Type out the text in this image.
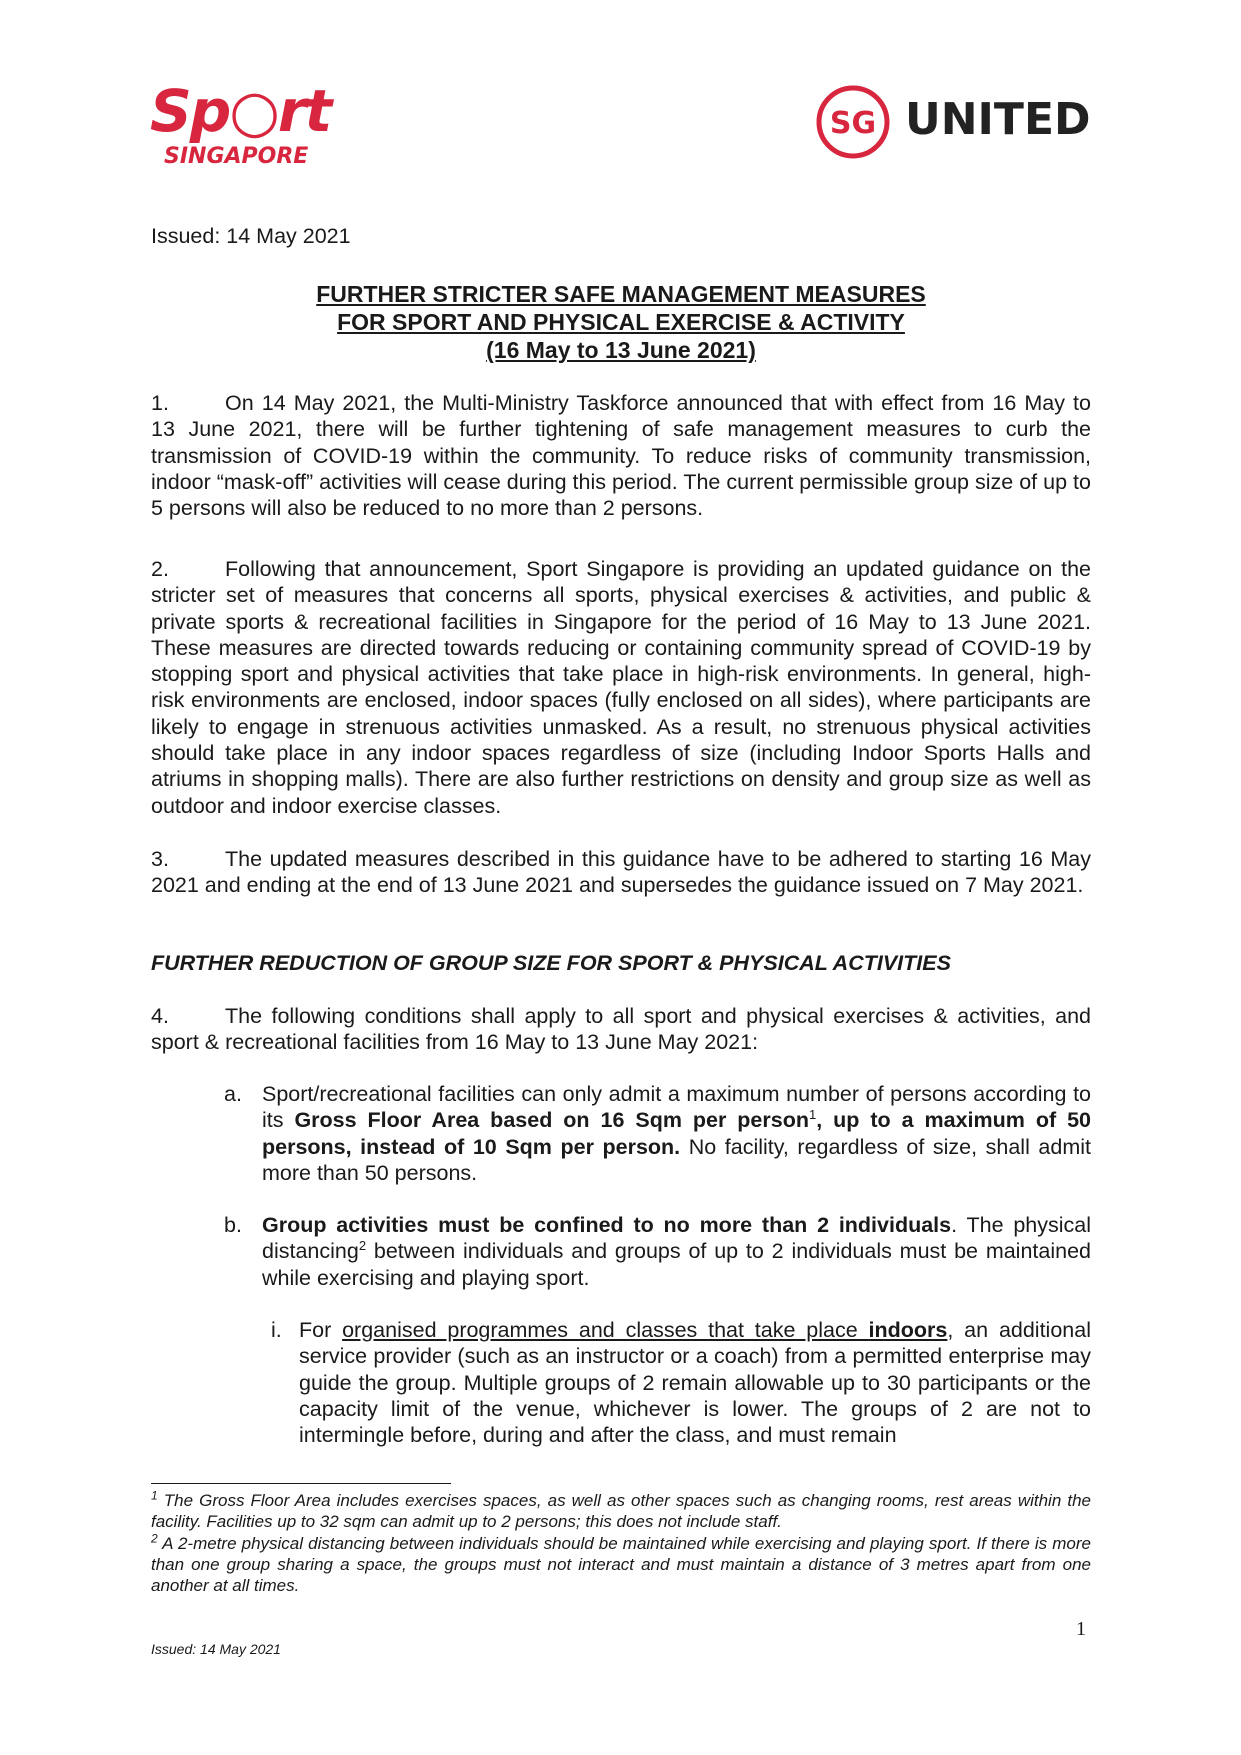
Sp○rt
SINGAPORE
SG UNITED
Issued: 14 May 2021
FURTHER STRICTER SAFE MANAGEMENT MEASURES
FOR SPORT AND PHYSICAL EXERCISE & ACTIVITY
(16 May to 13 June 2021)
1.	On 14 May 2021, the Multi-Ministry Taskforce announced that with effect from 16 May to 13 June 2021, there will be further tightening of safe management measures to curb the transmission of COVID-19 within the community. To reduce risks of community transmission, indoor “mask-off” activities will cease during this period. The current permissible group size of up to 5 persons will also be reduced to no more than 2 persons.
2.	Following that announcement, Sport Singapore is providing an updated guidance on the stricter set of measures that concerns all sports, physical exercises & activities, and public & private sports & recreational facilities in Singapore for the period of 16 May to 13 June 2021. These measures are directed towards reducing or containing community spread of COVID-19 by stopping sport and physical activities that take place in high-risk environments. In general, high-risk environments are enclosed, indoor spaces (fully enclosed on all sides), where participants are likely to engage in strenuous activities unmasked. As a result, no strenuous physical activities should take place in any indoor spaces regardless of size (including Indoor Sports Halls and atriums in shopping malls). There are also further restrictions on density and group size as well as outdoor and indoor exercise classes.
3.	The updated measures described in this guidance have to be adhered to starting 16 May 2021 and ending at the end of 13 June 2021 and supersedes the guidance issued on 7 May 2021.
FURTHER REDUCTION OF GROUP SIZE FOR SPORT & PHYSICAL ACTIVITIES
4.	The following conditions shall apply to all sport and physical exercises & activities, and sport & recreational facilities from 16 May to 13 June May 2021:
a. Sport/recreational facilities can only admit a maximum number of persons according to its Gross Floor Area based on 16 Sqm per person$^1$, up to a maximum of 50 persons, instead of 10 Sqm per person. No facility, regardless of size, shall admit more than 50 persons.
b. Group activities must be confined to no more than 2 individuals. The physical distancing$^2$ between individuals and groups of up to 2 individuals must be maintained while exercising and playing sport.
i. For organised programmes and classes that take place indoors, an additional service provider (such as an instructor or a coach) from a permitted enterprise may guide the group. Multiple groups of 2 remain allowable up to 30 participants or the capacity limit of the venue, whichever is lower. The groups of 2 are not to intermingle before, during and after the class, and must remain
$^1$ The Gross Floor Area includes exercises spaces, as well as other spaces such as changing rooms, rest areas within the facility. Facilities up to 32 sqm can admit up to 2 persons; this does not include staff.
$^2$ A 2-metre physical distancing between individuals should be maintained while exercising and playing sport. If there is more than one group sharing a space, the groups must not interact and must maintain a distance of 3 metres apart from one another at all times.
1
Issued: 14 May 2021
